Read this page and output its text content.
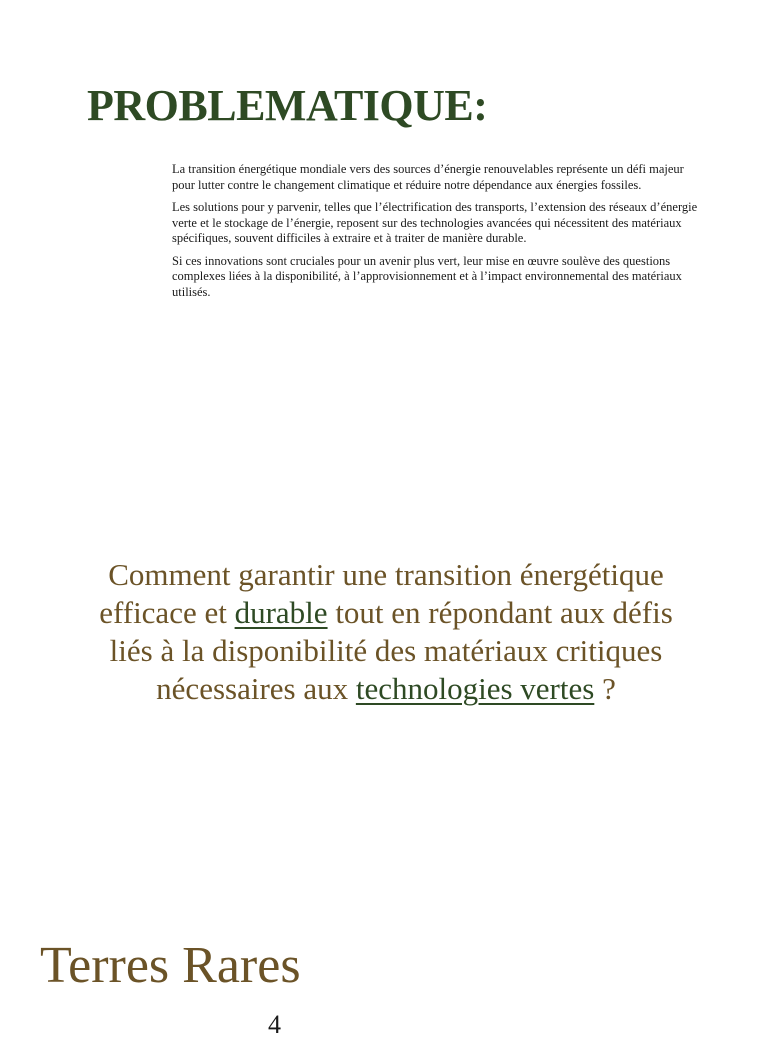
PROBLEMATIQUE:

La transition énergétique mondiale vers des sources d’énergie renouvelables représente un défi majeur pour lutter contre le changement climatique et réduire notre dépendance aux énergies fossiles.

Les solutions pour y parvenir, telles que l’électrification des transports, l’extension des réseaux d’énergie verte et le stockage de l’énergie, reposent sur des technologies avancées qui nécessitent des matériaux spécifiques, souvent difficiles à extraire et à traiter de manière durable.

Si ces innovations sont cruciales pour un avenir plus vert, leur mise en œuvre soulève des questions complexes liées à la disponibilité, à l’approvisionnement et à l’impact environnemental des matériaux utilisés.

Comment garantir une transition énergétique efficace et durable tout en répondant aux défis liés à la disponibilité des matériaux critiques nécessaires aux technologies vertes ?

Terres Rares
4
